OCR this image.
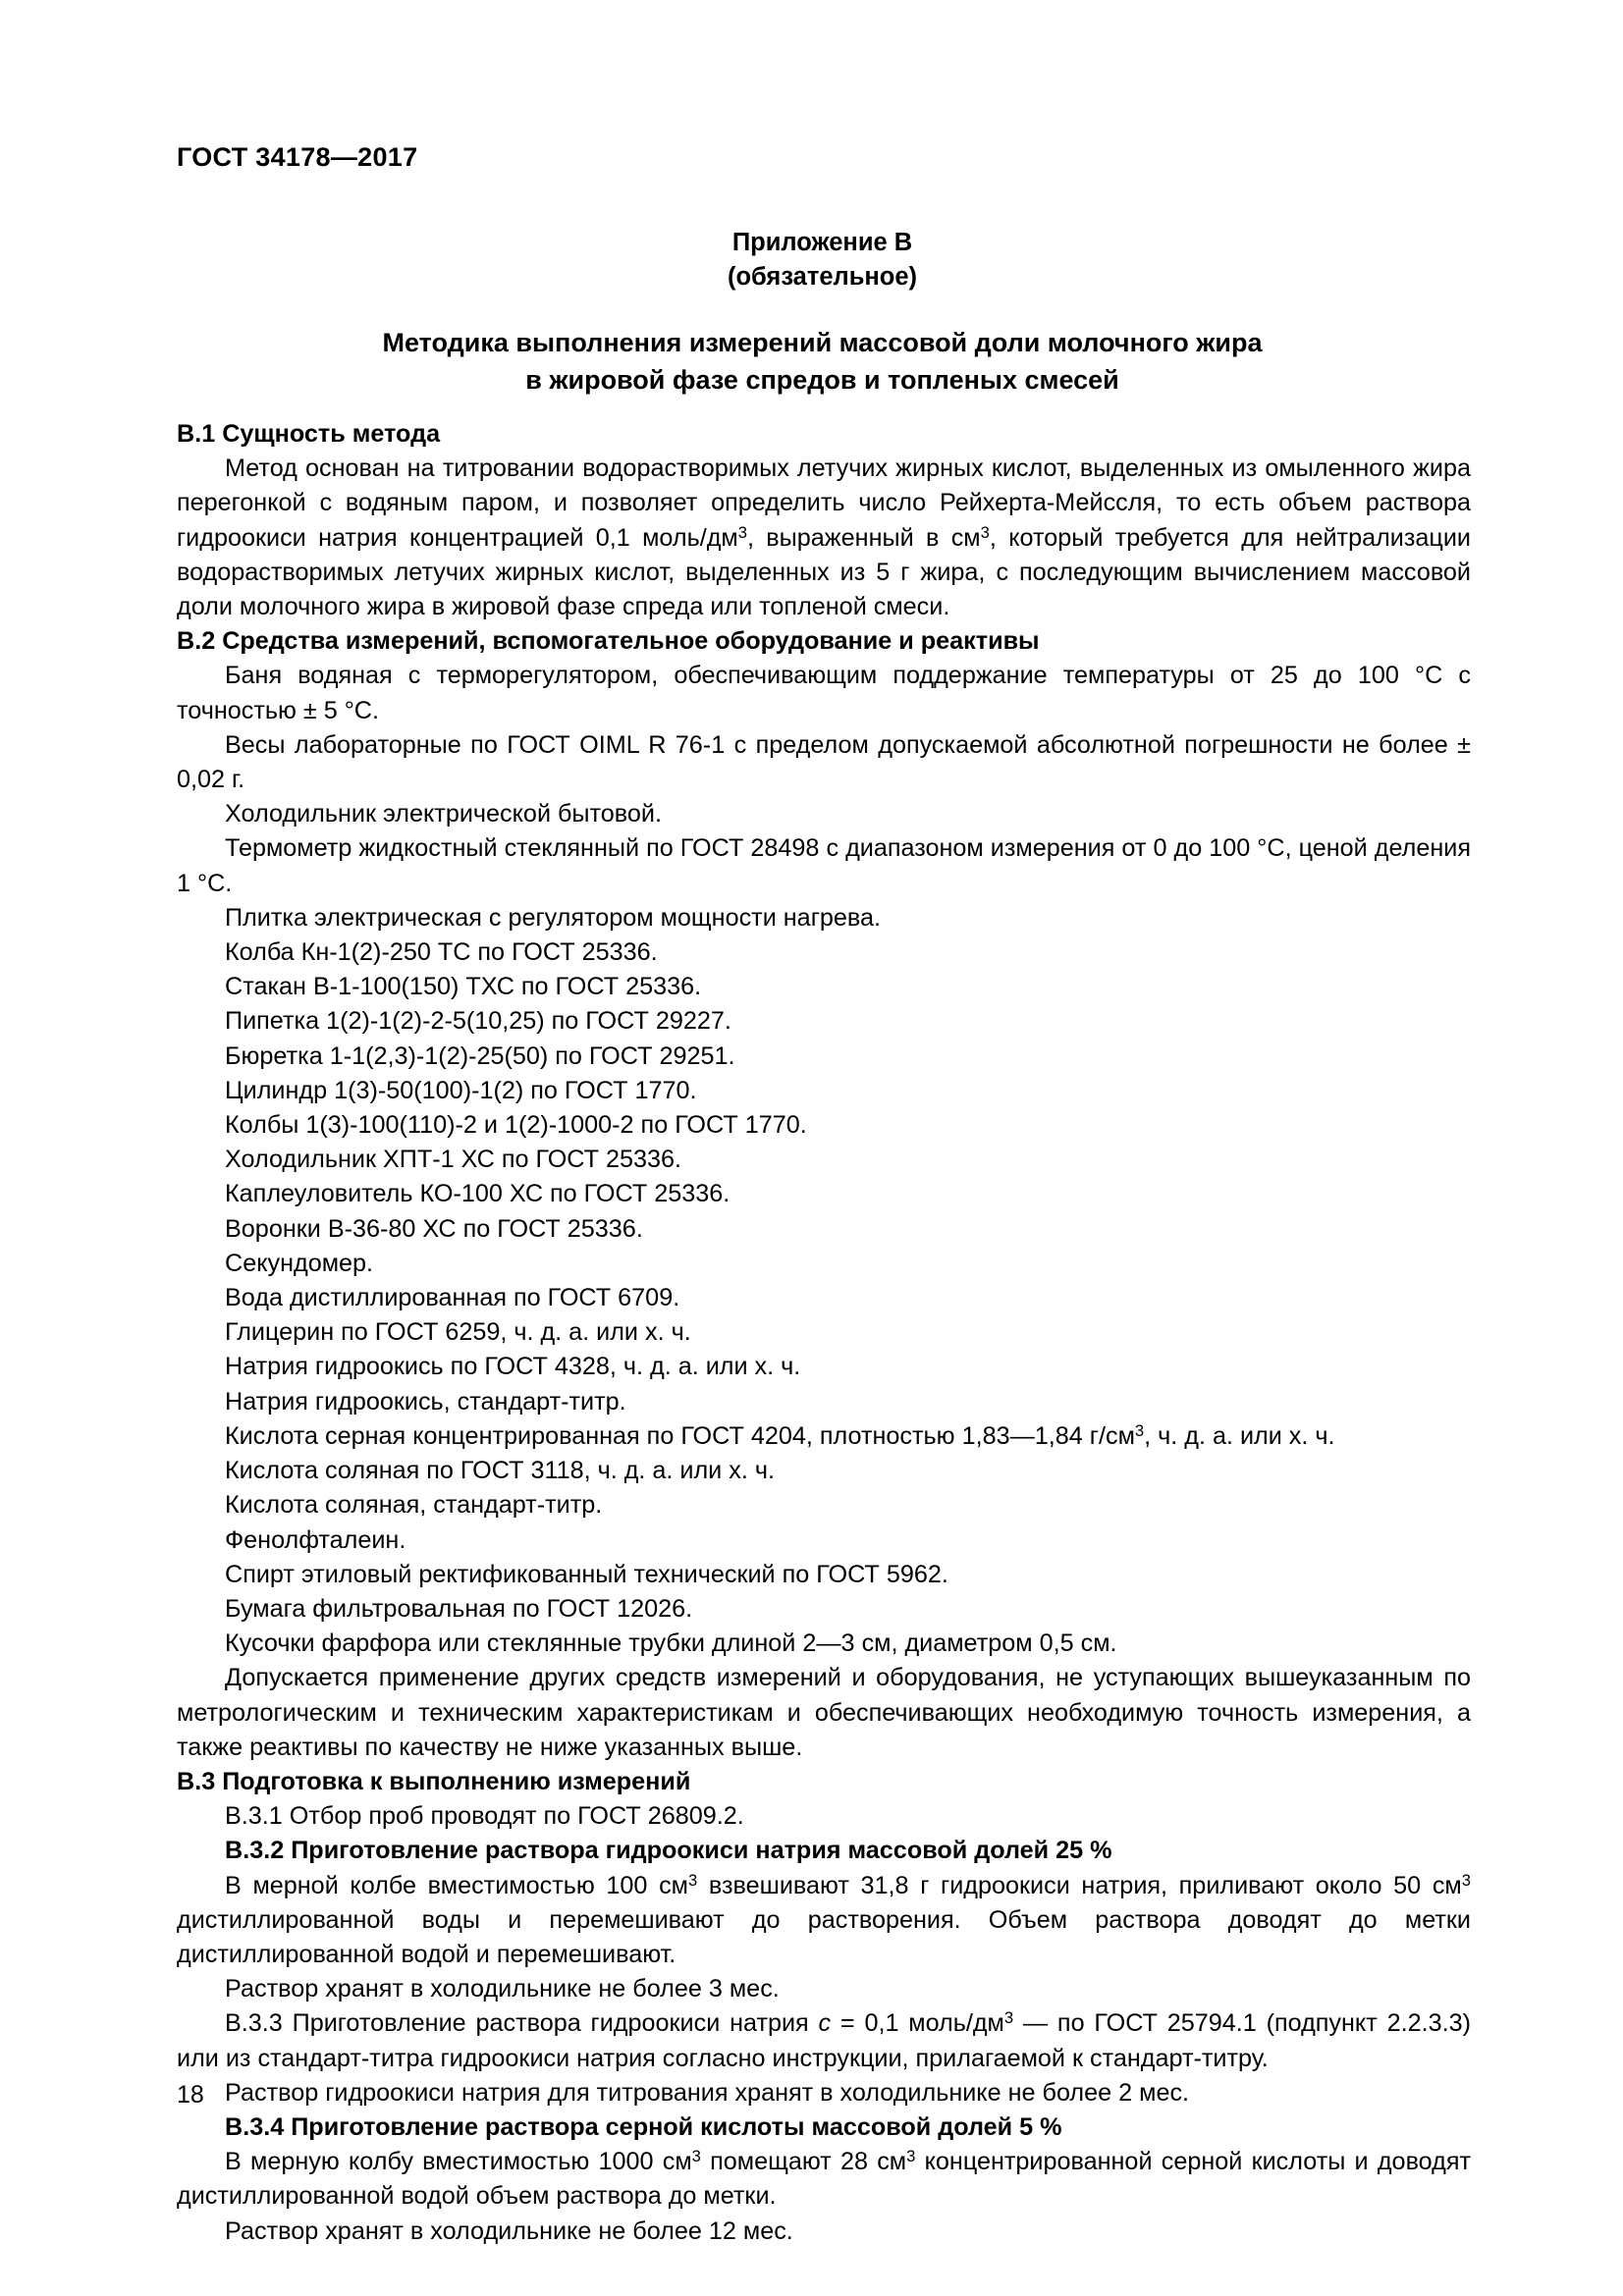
ГОСТ 34178—2017
Приложение В
(обязательное)
Методика выполнения измерений массовой доли молочного жира
в жировой фазе спредов и топленых смесей
В.1 Сущность метода

Метод основан на титровании водорастворимых летучих жирных кислот, выделенных из омыленного жира перегонкой с водяным паром, и позволяет определить число Рейхерта-Мейссля, то есть объем раствора гидроокиси натрия концентрацией 0,1 моль/$дм^3$, выраженный в $см^3$, который требуется для нейтрализации водорастворимых летучих жирных кислот, выделенных из 5 г жира, с последующим вычислением массовой доли молочного жира в жировой фазе спреда или топленой смеси.

В.2 Средства измерений, вспомогательное оборудование и реактивы

Баня водяная с терморегулятором, обеспечивающим поддержание температуры от 25 до 100 °С с точностью ± 5 °С.

Весы лабораторные по ГОСТ OIML R 76-1 с пределом допускаемой абсолютной погрешности не более ± 0,02 г.

Холодильник электрической бытовой.

Термометр жидкостный стеклянный по ГОСТ 28498 с диапазоном измерения от 0 до 100 °С, ценой деления 1 °С.

Плитка электрическая с регулятором мощности нагрева.

Колба Кн-1(2)-250 ТС по ГОСТ 25336.

Стакан В-1-100(150) ТХС по ГОСТ 25336.

Пипетка 1(2)-1(2)-2-5(10,25) по ГОСТ 29227.

Бюретка 1-1(2,3)-1(2)-25(50) по ГОСТ 29251.

Цилиндр 1(3)-50(100)-1(2) по ГОСТ 1770.

Колбы 1(3)-100(110)-2 и 1(2)-1000-2 по ГОСТ 1770.

Холодильник ХПТ-1 ХС по ГОСТ 25336.

Каплеуловитель КО-100 ХС по ГОСТ 25336.

Воронки В-36-80 ХС по ГОСТ 25336.

Секундомер.

Вода дистиллированная по ГОСТ 6709.

Глицерин по ГОСТ 6259, ч. д. а. или х. ч.

Натрия гидроокись по ГОСТ 4328, ч. д. а. или х. ч.

Натрия гидроокись, стандарт-титр.

Кислота серная концентрированная по ГОСТ 4204, плотностью 1,83—1,84 $г/см^3$, ч. д. а. или х. ч.

Кислота соляная по ГОСТ 3118, ч. д. а. или х. ч.

Кислота соляная, стандарт-титр.

Фенолфталеин.

Спирт этиловый ректификованный технический по ГОСТ 5962.

Бумага фильтровальная по ГОСТ 12026.

Кусочки фарфора или стеклянные трубки длиной 2—3 см, диаметром 0,5 см.

Допускается применение других средств измерений и оборудования, не уступающих вышеуказанным по метрологическим и техническим характеристикам и обеспечивающих необходимую точность измерения, а также реактивы по качеству не ниже указанных выше.

В.3 Подготовка к выполнению измерений

В.3.1 Отбор проб проводят по ГОСТ 26809.2.

В.3.2 Приготовление раствора гидроокиси натрия массовой долей 25 %

В мерной колбе вместимостью 100 $см^3$ взвешивают 31,8 г гидроокиси натрия, приливают около 50 $см^3$ дистиллированной воды и перемешивают до растворения. Объем раствора доводят до метки дистиллированной водой и перемешивают.

Раствор хранят в холодильнике не более 3 мес.

В.3.3 Приготовление раствора гидроокиси натрия c = 0,1 моль/$дм^3$ — по ГОСТ 25794.1 (подпункт 2.2.3.3) или из стандарт-титра гидроокиси натрия согласно инструкции, прилагаемой к стандарт-титру.

Раствор гидроокиси натрия для титрования хранят в холодильнике не более 2 мес.

В.3.4 Приготовление раствора серной кислоты массовой долей 5 %

В мерную колбу вместимостью 1000 $см^3$ помещают 28 $см^3$ концентрированной серной кислоты и доводят дистиллированной водой объем раствора до метки.

Раствор хранят в холодильнике не более 12 мес.

18
